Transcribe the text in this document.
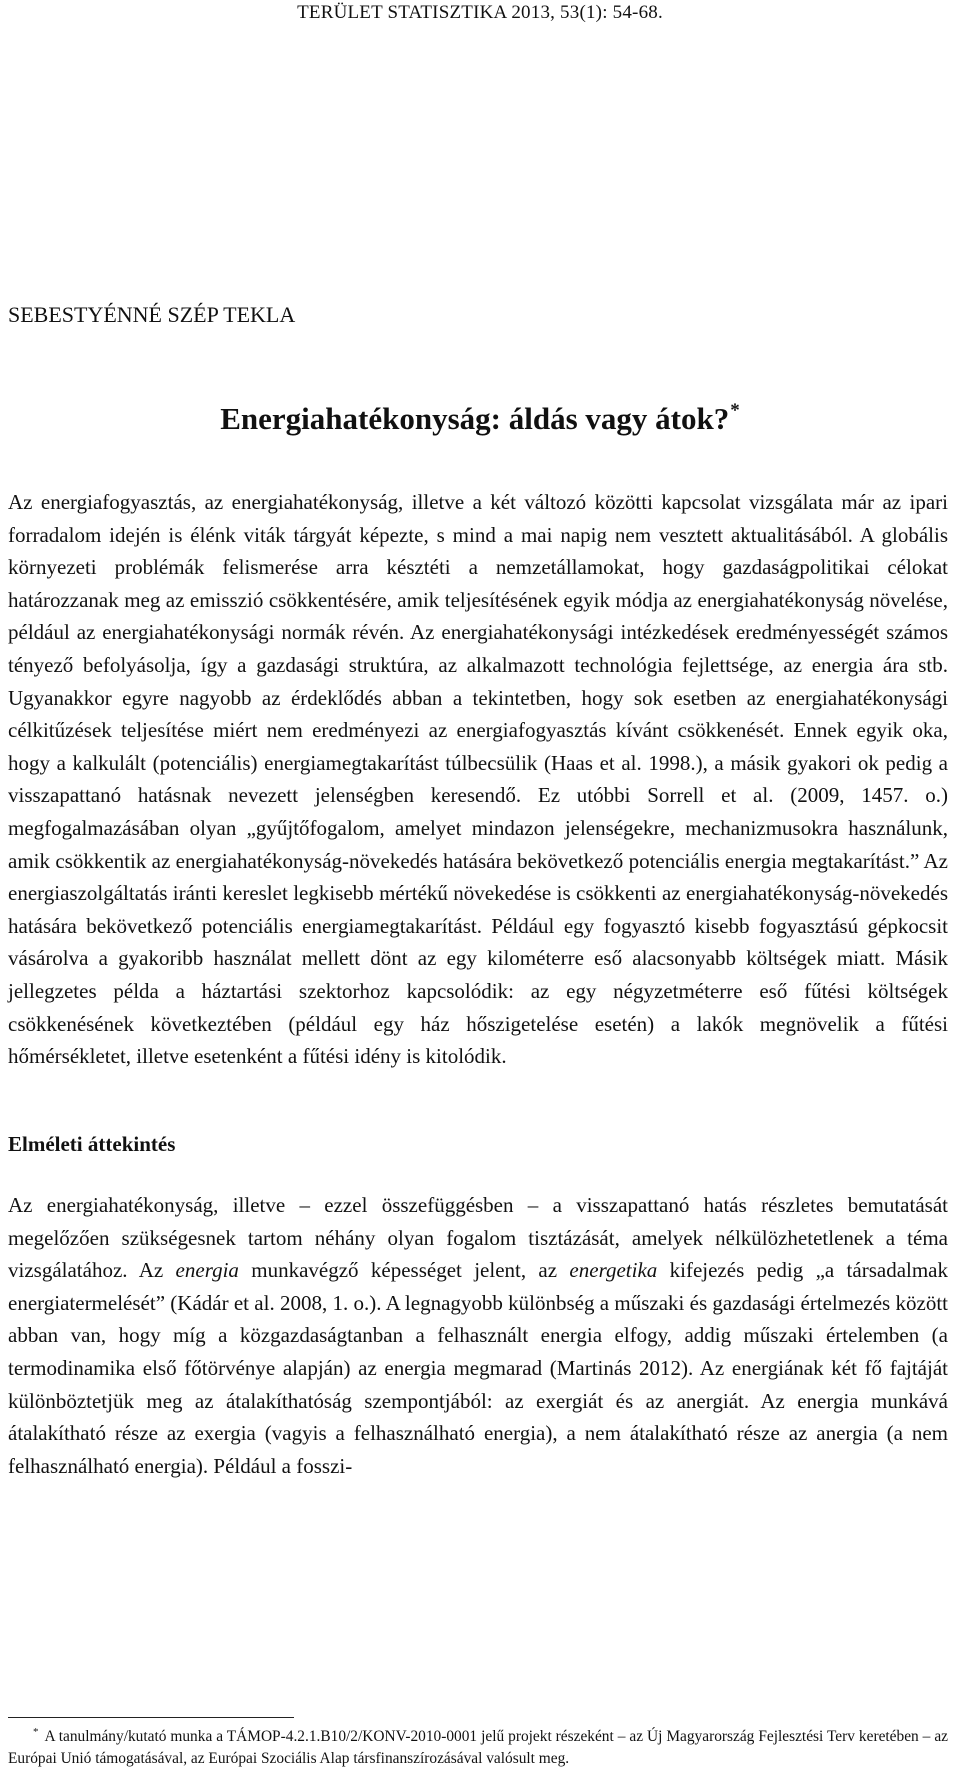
TERÜLET STATISZTIKA 2013, 53(1): 54-68.
SEBESTYÉNNÉ SZÉP TEKLA
Energiahatékonyság: áldás vagy átok?*

Az energiafogyasztás, az energiahatékonyság, illetve a két változó közötti kapcsolat vizsgálata már az ipari forradalom idején is élénk viták tárgyát képezte, s mind a mai napig nem vesztett aktualitásából. A globális környezeti problémák felismerése arra késztéti a nemzetállamokat, hogy gazdaságpolitikai célokat határozzanak meg az emisszió csökkentésére, amik teljesítésének egyik módja az energiahatékonyság növelése, például az energiahatékonysági normák révén. Az energiahatékonysági intézkedések eredményességét számos tényező befolyásolja, így a gazdasági struktúra, az alkalmazott technológia fejlettsége, az energia ára stb. Ugyanakkor egyre nagyobb az érdeklődés abban a tekintetben, hogy sok esetben az energiahatékonysági célkitűzések teljesítése miért nem eredményezi az energiafogyasztás kívánt csökkenését. Ennek egyik oka, hogy a kalkulált (potenciális) energiamegtakarítást túlbecsülik (Haas et al. 1998.), a másik gyakori ok pedig a visszapattanó hatásnak nevezett jelenségben keresendő. Ez utóbbi Sorrell et al. (2009, 1457. o.) megfogalmazásában olyan „gyűjtőfogalom, amelyet mindazon jelenségekre, mechanizmusokra használunk, amik csökkentik az energiahatékonyság-növekedés hatására bekövetkező potenciális energia megtakarítást.” Az energiaszolgáltatás iránti kereslet legkisebb mértékű növekedése is csökkenti az energiahatékonyság-növekedés hatására bekövetkező potenciális energiamegtakarítást. Például egy fogyasztó kisebb fogyasztású gépkocsit vásárolva a gyakoribb használat mellett dönt az egy kilométerre eső alacsonyabb költségek miatt. Másik jellegzetes példa a háztartási szektorhoz kapcsolódik: az egy négyzetméterre eső fűtési költségek csökkenésének következtében (például egy ház hőszigetelése esetén) a lakók megnövelik a fűtési hőmérsékletet, illetve esetenként a fűtési idény is kitolódik.

Elméleti áttekintés

Az energiahatékonyság, illetve – ezzel összefüggésben – a visszapattanó hatás részletes bemutatását megelőzően szükségesnek tartom néhány olyan fogalom tisztázását, amelyek nélkülözhetetlenek a téma vizsgálatához. Az energia munkavégző képességet jelent, az energetika kifejezés pedig „a társadalmak energiatermelését” (Kádár et al. 2008, 1. o.). A legnagyobb különbség a műszaki és gazdasági értelmezés között abban van, hogy míg a közgazdaságtanban a felhasznált energia elfogy, addig műszaki értelemben (a termodinamika első főtörvénye alapján) az energia megmarad (Martinás 2012). Az energiának két fő fajtáját különböztetjük meg az átalakíthatóság szempontjából: az exergiát és az anergiát. Az energia munkává átalakítható része az exergia (vagyis a felhasználható energia), a nem átalakítható része az anergia (a nem felhasználható energia). Például a fosszi-

* A tanulmány/kutató munka a TÁMOP-4.2.1.B10/2/KONV-2010-0001 jelű projekt részeként – az Új Magyarország Fejlesztési Terv keretében – az Európai Unió támogatásával, az Európai Szociális Alap társfinanszírozásával valósult meg.
